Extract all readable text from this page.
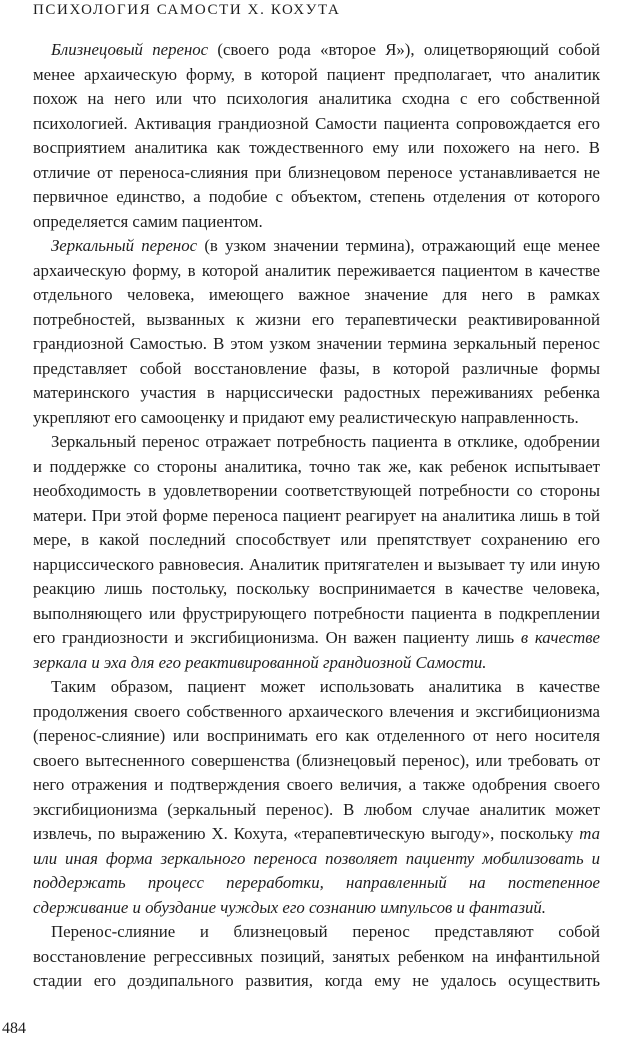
ПСИХОЛОГИЯ САМОСТИ Х. КОХУТА

Близнецовый перенос (своего рода «второе Я»), олицетворяющий собой менее архаическую форму, в которой пациент предполагает, что аналитик похож на него или что психология аналитика сходна с его собственной психологией. Активация грандиозной Самости пациента сопровождается его восприятием аналитика как тождественного ему или похожего на него. В отличие от переноса-слияния при близнецовом переносе устанавливается не первичное единство, а подобие с объектом, степень отделения от которого определяется самим пациентом.

Зеркальный перенос (в узком значении термина), отражающий еще менее архаическую форму, в которой аналитик переживается пациентом в качестве отдельного человека, имеющего важное значение для него в рамках потребностей, вызванных к жизни его терапевтически реактивированной грандиозной Самостью. В этом узком значении термина зеркальный перенос представляет собой восстановление фазы, в которой различные формы материнского участия в нарциссически радостных переживаниях ребенка укрепляют его самооценку и придают ему реалистическую направленность.

Зеркальный перенос отражает потребность пациента в отклике, одобрении и поддержке со стороны аналитика, точно так же, как ребенок испытывает необходимость в удовлетворении соответствующей потребности со стороны матери. При этой форме переноса пациент реагирует на аналитика лишь в той мере, в какой последний способствует или препятствует сохранению его нарциссического равновесия. Аналитик притягателен и вызывает ту или иную реакцию лишь постольку, поскольку воспринимается в качестве человека, выполняющего или фрустрирующего потребности пациента в подкреплении его грандиозности и эксгибиционизма. Он важен пациенту лишь в качестве зеркала и эха для его реактивированной грандиозной Самости.

Таким образом, пациент может использовать аналитика в качестве продолжения своего собственного архаического влечения и эксгибиционизма (перенос-слияние) или воспринимать его как отделенного от него носителя своего вытесненного совершенства (близнецовый перенос), или требовать от него отражения и подтверждения своего величия, а также одобрения своего эксгибиционизма (зеркальный перенос). В любом случае аналитик может извлечь, по выражению Х. Кохута, «терапевтическую выгоду», поскольку та или иная форма зеркального переноса позволяет пациенту мобилизовать и поддержать процесс переработки, направленный на постепенное сдерживание и обуздание чуждых его сознанию импульсов и фантазий.

Перенос-слияние и близнецовый перенос представляют собой восстановление регрессивных позиций, занятых ребенком на инфантильной стадии его доэдипального развития, когда ему не удалось осуществить

484
